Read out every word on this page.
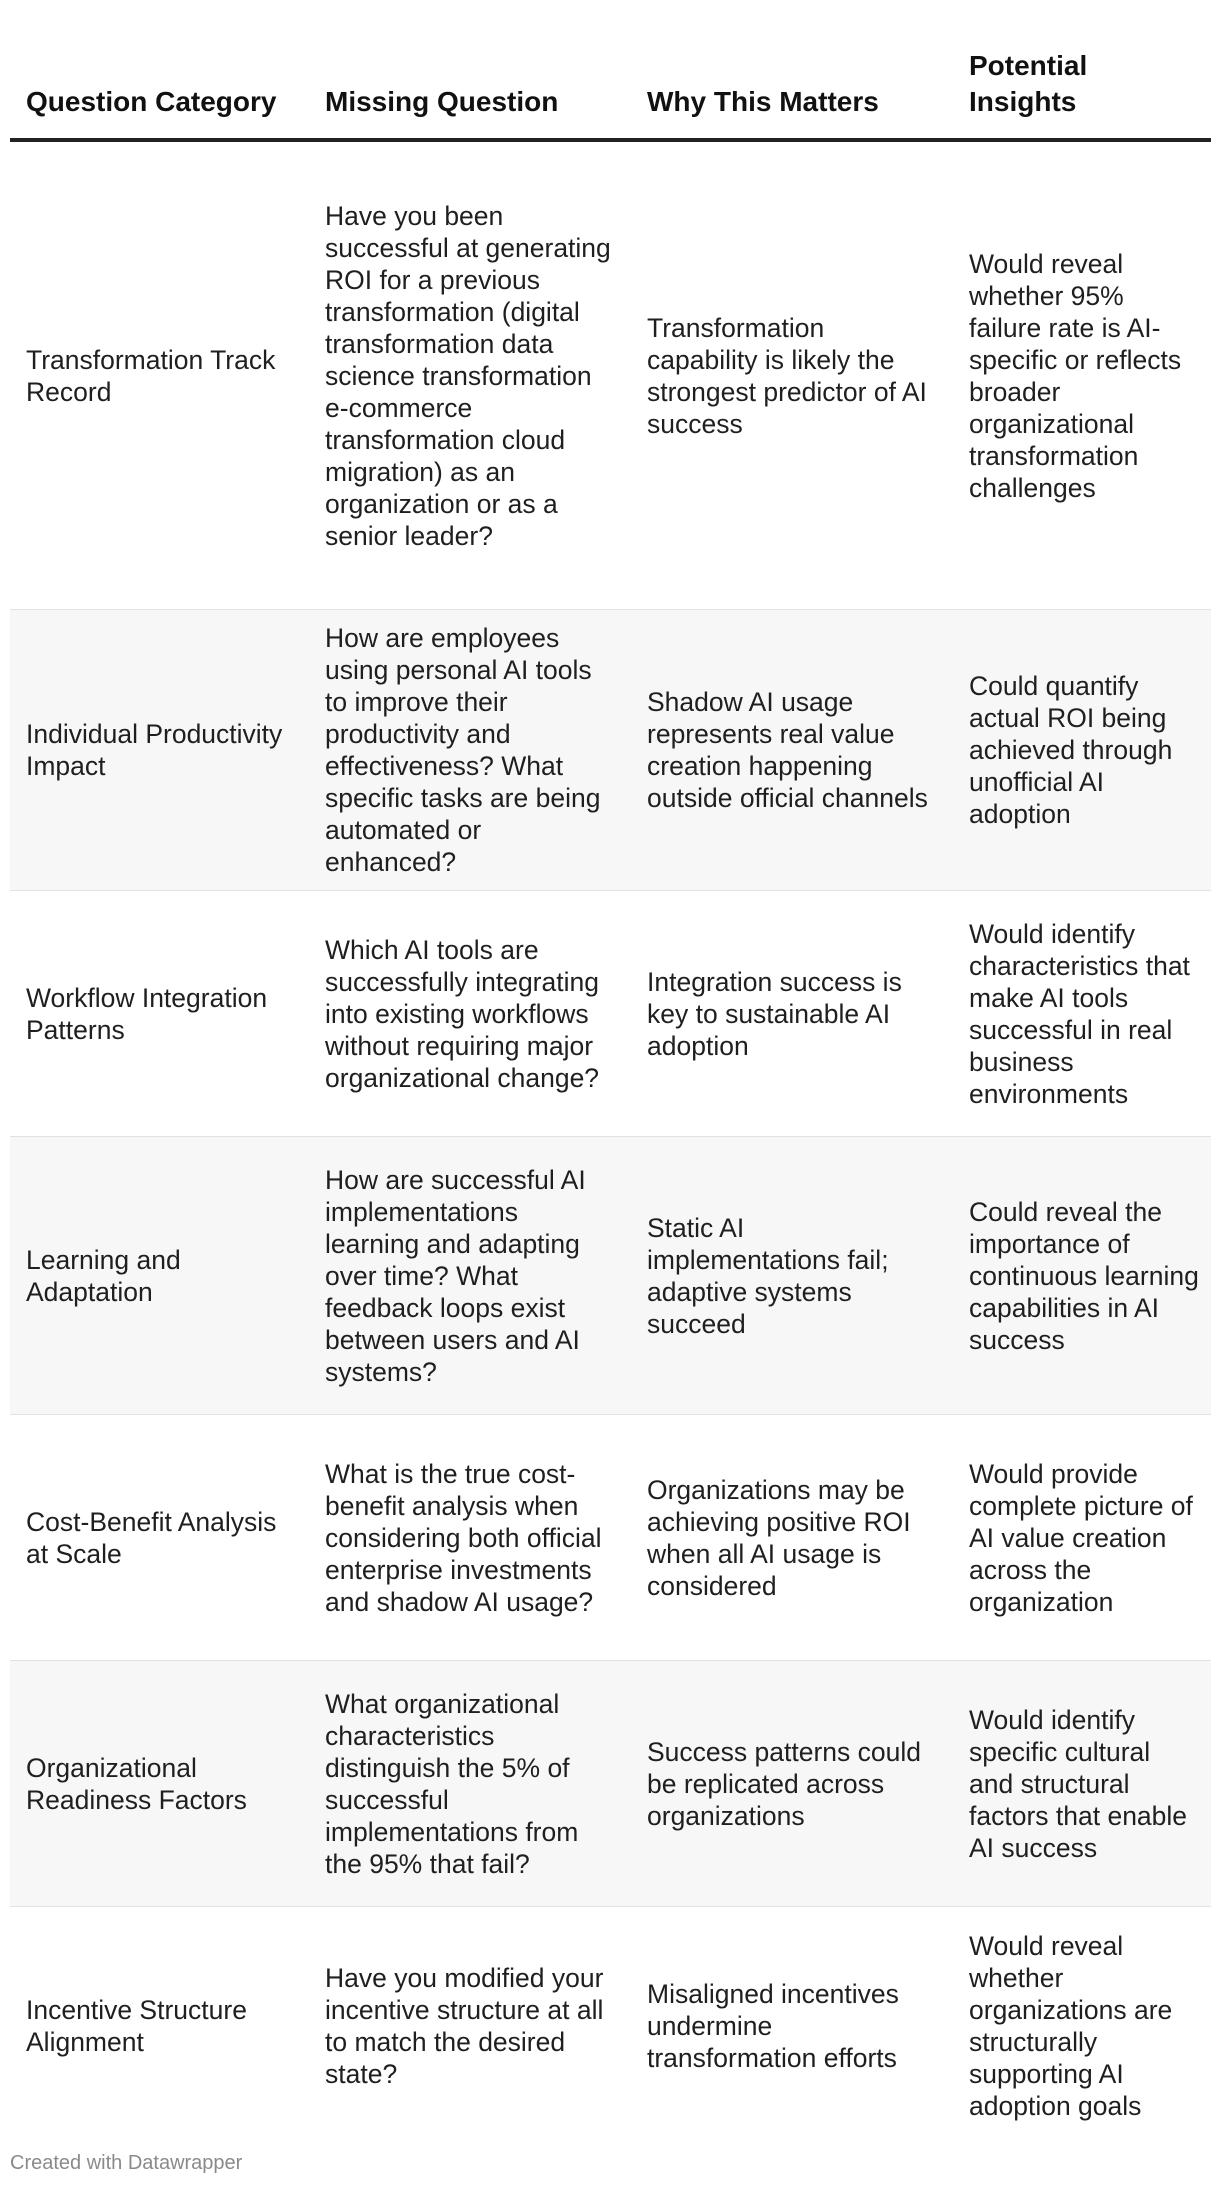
Question Category	Missing Question	Why This Matters	Potential Insights
Transformation Track Record	Have you been successful at generating ROI for a previous transformation (digital transformation data science transformation e-commerce transformation cloud migration) as an organization or as a senior leader?	Transformation capability is likely the strongest predictor of AI success	Would reveal whether 95% failure rate is AI-specific or reflects broader organizational transformation challenges
Individual Productivity Impact	How are employees using personal AI tools to improve their productivity and effectiveness? What specific tasks are being automated or enhanced?	Shadow AI usage represents real value creation happening outside official channels	Could quantify actual ROI being achieved through unofficial AI adoption
Workflow Integration Patterns	Which AI tools are successfully integrating into existing workflows without requiring major organizational change?	Integration success is key to sustainable AI adoption	Would identify characteristics that make AI tools successful in real business environments
Learning and Adaptation	How are successful AI implementations learning and adapting over time? What feedback loops exist between users and AI systems?	Static AI implementations fail; adaptive systems succeed	Could reveal the importance of continuous learning capabilities in AI success
Cost-Benefit Analysis at Scale	What is the true cost-benefit analysis when considering both official enterprise investments and shadow AI usage?	Organizations may be achieving positive ROI when all AI usage is considered	Would provide complete picture of AI value creation across the organization
Organizational Readiness Factors	What organizational characteristics distinguish the 5% of successful implementations from the 95% that fail?	Success patterns could be replicated across organizations	Would identify specific cultural and structural factors that enable AI success
Incentive Structure Alignment	Have you modified your incentive structure at all to match the desired state?	Misaligned incentives undermine transformation efforts	Would reveal whether organizations are structurally supporting AI adoption goals
Created with Datawrapper
